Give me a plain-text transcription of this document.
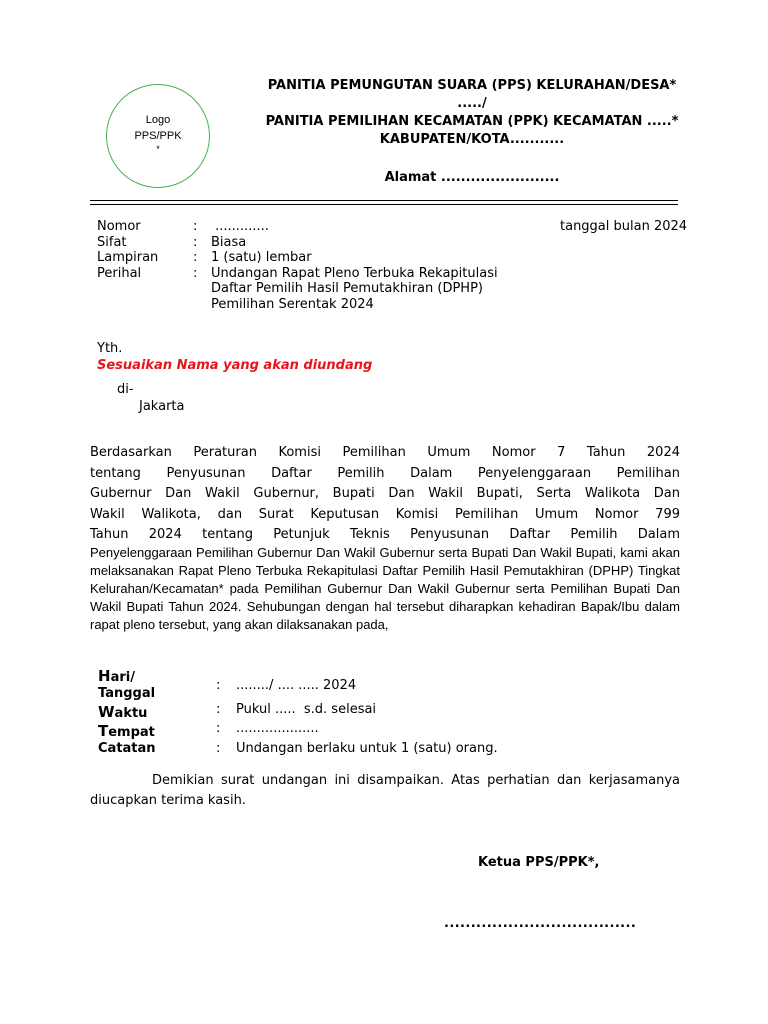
Logo
PPS/PPK
*
PANITIA PEMUNGUTAN SUARA (PPS) KELURAHAN/DESA*
...../
PANITIA PEMILIHAN KECAMATAN (PPK) KECAMATAN .....*
KABUPATEN/KOTA...........
Alamat ........................
Nomor	:	.............
Sifat	:	Biasa
Lampiran	:	1 (satu) lembar
Perihal	:	Undangan Rapat Pleno Terbuka Rekapitulasi Daftar Pemilih Hasil Pemutakhiran (DPHP) Pemilihan Serentak 2024
tanggal bulan 2024
Yth.
Sesuaikan Nama yang akan diundang
di-
Jakarta
Berdasarkan Peraturan Komisi Pemilihan Umum Nomor 7 Tahun 2024
tentang Penyusunan Daftar Pemilih Dalam Penyelenggaraan Pemilihan
Gubernur Dan Wakil Gubernur, Bupati Dan Wakil Bupati, Serta Walikota Dan
Wakil Walikota, dan Surat Keputusan Komisi Pemilihan Umum Nomor 799
Tahun 2024 tentang Petunjuk Teknis Penyusunan Daftar Pemilih Dalam
Penyelenggaraan Pemilihan Gubernur Dan Wakil Gubernur serta Bupati Dan Wakil Bupati, kami akan melaksanakan Rapat Pleno Terbuka Rekapitulasi Daftar Pemilih Hasil Pemutakhiran (DPHP) Tingkat Kelurahan/Kecamatan* pada Pemilihan Gubernur Dan Wakil Gubernur serta Pemilihan Bupati Dan Wakil Bupati Tahun 2024. Sehubungan dengan hal tersebut diharapkan kehadiran Bapak/Ibu dalam rapat pleno tersebut, yang akan dilaksanakan pada,
Hari/
Tanggal
:	......../ .... ..... 2024
Waktu	:	Pukul .....  s.d. selesai
Tempat	:	....................
Catatan	:	Undangan berlaku untuk 1 (satu) orang.
Demikian surat undangan ini disampaikan. Atas perhatian dan kerjasamanya diucapkan terima kasih.
Ketua PPS/PPK*,
....................................
